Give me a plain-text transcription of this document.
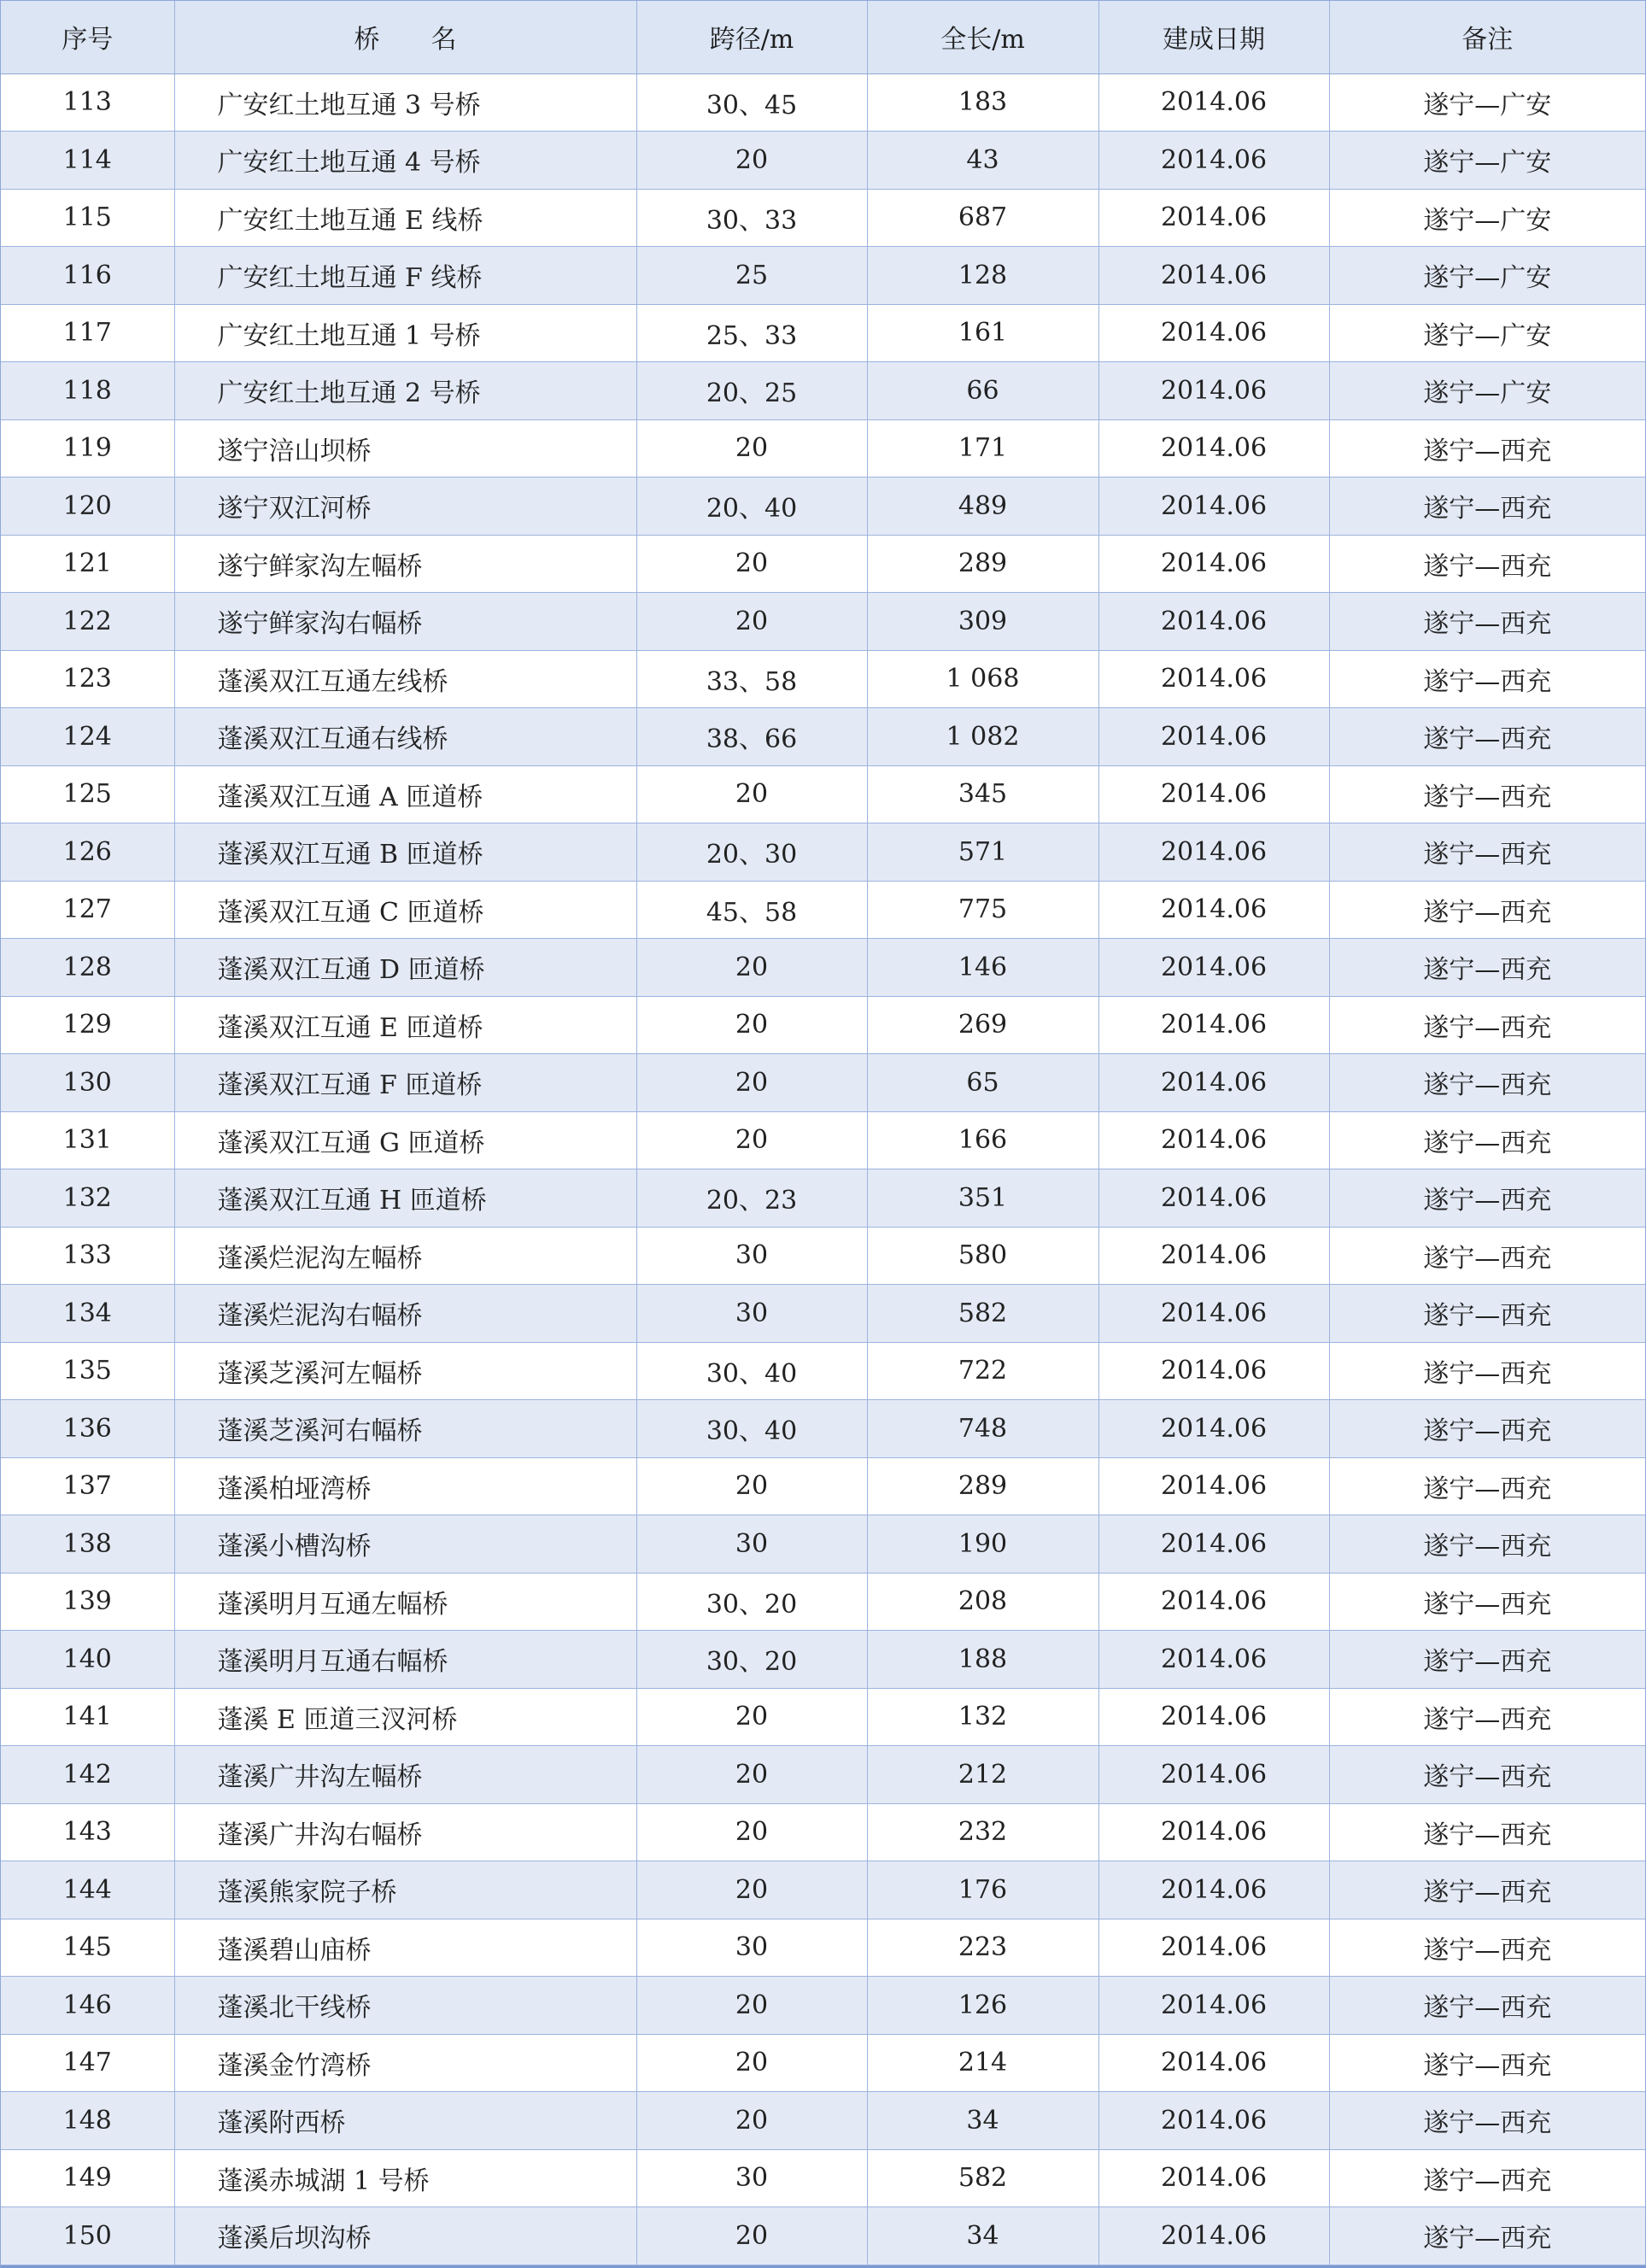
序号	桥　　名	跨径/m	全长/m	建成日期	备注
113	广安红土地互通 3 号桥	30、45	183	2014.06	遂宁—广安
114	广安红土地互通 4 号桥	20	43	2014.06	遂宁—广安
115	广安红土地互通 E 线桥	30、33	687	2014.06	遂宁—广安
116	广安红土地互通 F 线桥	25	128	2014.06	遂宁—广安
117	广安红土地互通 1 号桥	25、33	161	2014.06	遂宁—广安
118	广安红土地互通 2 号桥	20、25	66	2014.06	遂宁—广安
119	遂宁涪山坝桥	20	171	2014.06	遂宁—西充
120	遂宁双江河桥	20、40	489	2014.06	遂宁—西充
121	遂宁鲜家沟左幅桥	20	289	2014.06	遂宁—西充
122	遂宁鲜家沟右幅桥	20	309	2014.06	遂宁—西充
123	蓬溪双江互通左线桥	33、58	1 068	2014.06	遂宁—西充
124	蓬溪双江互通右线桥	38、66	1 082	2014.06	遂宁—西充
125	蓬溪双江互通 A 匝道桥	20	345	2014.06	遂宁—西充
126	蓬溪双江互通 B 匝道桥	20、30	571	2014.06	遂宁—西充
127	蓬溪双江互通 C 匝道桥	45、58	775	2014.06	遂宁—西充
128	蓬溪双江互通 D 匝道桥	20	146	2014.06	遂宁—西充
129	蓬溪双江互通 E 匝道桥	20	269	2014.06	遂宁—西充
130	蓬溪双江互通 F 匝道桥	20	65	2014.06	遂宁—西充
131	蓬溪双江互通 G 匝道桥	20	166	2014.06	遂宁—西充
132	蓬溪双江互通 H 匝道桥	20、23	351	2014.06	遂宁—西充
133	蓬溪烂泥沟左幅桥	30	580	2014.06	遂宁—西充
134	蓬溪烂泥沟右幅桥	30	582	2014.06	遂宁—西充
135	蓬溪芝溪河左幅桥	30、40	722	2014.06	遂宁—西充
136	蓬溪芝溪河右幅桥	30、40	748	2014.06	遂宁—西充
137	蓬溪柏垭湾桥	20	289	2014.06	遂宁—西充
138	蓬溪小槽沟桥	30	190	2014.06	遂宁—西充
139	蓬溪明月互通左幅桥	30、20	208	2014.06	遂宁—西充
140	蓬溪明月互通右幅桥	30、20	188	2014.06	遂宁—西充
141	蓬溪 E 匝道三汊河桥	20	132	2014.06	遂宁—西充
142	蓬溪广井沟左幅桥	20	212	2014.06	遂宁—西充
143	蓬溪广井沟右幅桥	20	232	2014.06	遂宁—西充
144	蓬溪熊家院子桥	20	176	2014.06	遂宁—西充
145	蓬溪碧山庙桥	30	223	2014.06	遂宁—西充
146	蓬溪北干线桥	20	126	2014.06	遂宁—西充
147	蓬溪金竹湾桥	20	214	2014.06	遂宁—西充
148	蓬溪附西桥	20	34	2014.06	遂宁—西充
149	蓬溪赤城湖 1 号桥	30	582	2014.06	遂宁—西充
150	蓬溪后坝沟桥	20	34	2014.06	遂宁—西充
